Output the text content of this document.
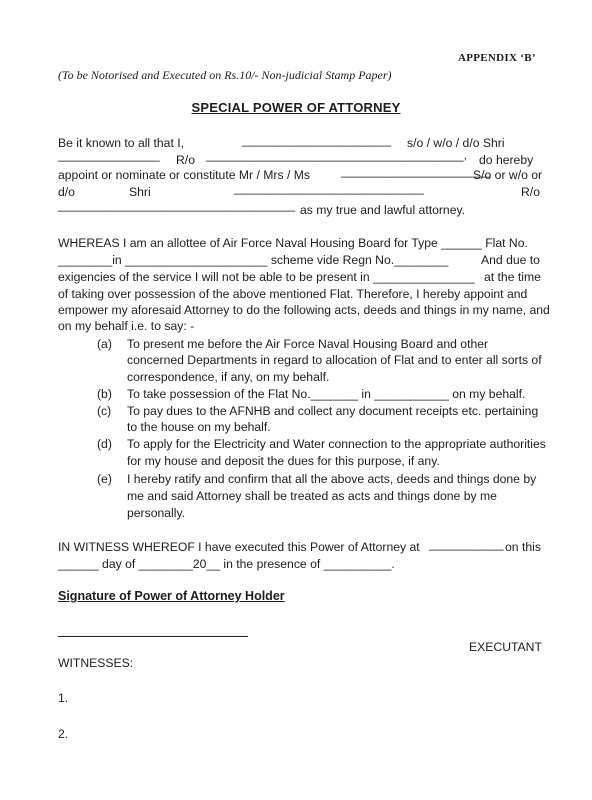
APPENDIX ‘B’
(To be Notorised and Executed on Rs.10/- Non-judicial Stamp Paper)
SPECIAL POWER OF ATTORNEY
Be it known to all that I,	______________________ s/o / w/o / d/o Shri
_______________ R/o ______________________________________, do hereby
appoint or nominate or constitute Mr / Mrs / Ms	______________________
S/o or w/o or
d/o	Shri	____________________________	R/o
___________________________________ as my true and lawful attorney.
WHEREAS I am an allottee of Air Force Naval Housing Board for Type ______ Flat No.
________in _____________________ scheme vide Regn No.________	And due to
exigencies of the service I will not be able to be present in _______________ at the time
of taking over possession of the above mentioned Flat. Therefore, I hereby appoint and
empower my aforesaid Attorney to do the following acts, deeds and things in my name, and
on my behalf i.e. to say: -
(a) To present me before the Air Force Naval Housing Board and other
concerned Departments in regard to allocation of Flat and to enter all sorts of
correspondence, if any, on my behalf.
(b) To take possession of the Flat No._______ in ___________ on my behalf.
(c) To pay dues to the AFNHB and collect any document receipts etc. pertaining
to the house on my behalf.
(d) To apply for the Electricity and Water connection to the appropriate authorities
for my house and deposit the dues for this purpose, if any.
(e) I hereby ratify and confirm that all the above acts, deeds and things done by
me and said Attorney shall be treated as acts and things done by me
personally.
IN WITNESS WHEREOF I have executed this Power of Attorney at ___________ on this
______ day of ________20__ in the presence of __________.
Signature of Power of Attorney Holder
EXECUTANT
WITNESSES:
1.
2.
